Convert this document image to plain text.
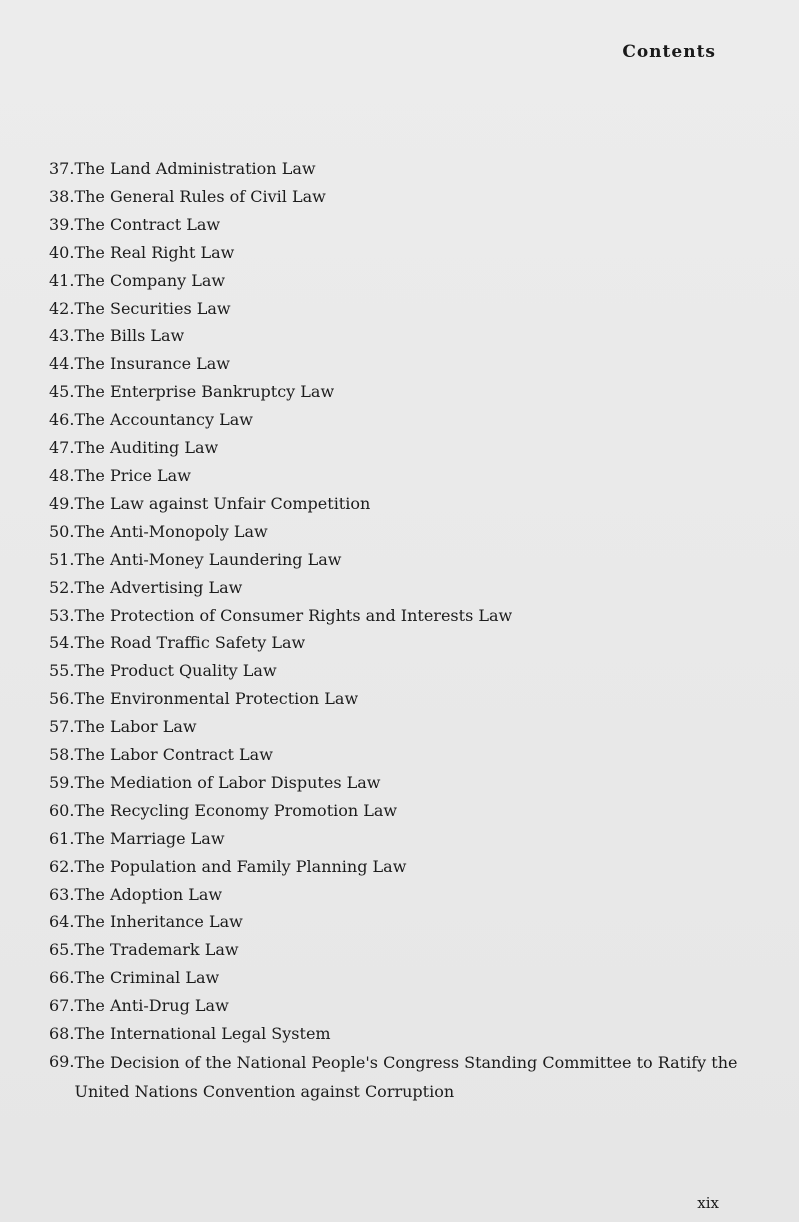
Contents
37. The Land Administration Law
38. The General Rules of Civil Law
39. The Contract Law
40. The Real Right Law
41. The Company Law
42. The Securities Law
43. The Bills Law
44. The Insurance Law
45. The Enterprise Bankruptcy Law
46. The Accountancy Law
47. The Auditing Law
48. The Price Law
49. The Law against Unfair Competition
50. The Anti-Monopoly Law
51. The Anti-Money Laundering Law
52. The Advertising Law
53. The Protection of Consumer Rights and Interests Law
54. The Road Traffic Safety Law
55. The Product Quality Law
56. The Environmental Protection Law
57. The Labor Law
58. The Labor Contract Law
59. The Mediation of Labor Disputes Law
60. The Recycling Economy Promotion Law
61. The Marriage Law
62. The Population and Family Planning Law
63. The Adoption Law
64. The Inheritance Law
65. The Trademark Law
66. The Criminal Law
67. The Anti-Drug Law
68. The International Legal System
69. The Decision of the National People's Congress Standing Committee to Ratify the United Nations Convention against Corruption
xix
